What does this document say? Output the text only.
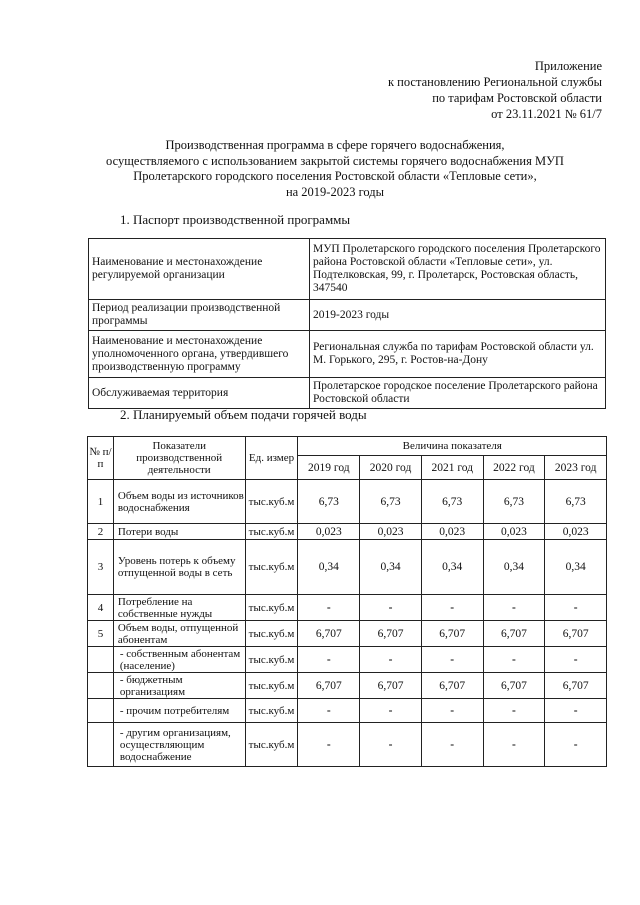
Приложение
к постановлению Региональной службы
по тарифам Ростовской области
от 23.11.2021 № 61/7
Производственная программа в сфере горячего водоснабжения,
осуществляемого с использованием закрытой системы горячего водоснабжения МУП
Пролетарского городского поселения Ростовской области «Тепловые сети»,
на 2019-2023 годы
1. Паспорт производственной программы
Наименование и местонахождение регулируемой организации	МУП Пролетарского городского поселения Пролетарского района Ростовской области «Тепловые сети», ул. Подтелковская, 99, г. Пролетарск, Ростовская область, 347540
Период реализации производственной программы	2019-2023 годы
Наименование и местонахождение уполномоченного органа, утвердившего производственную программу	Региональная служба по тарифам Ростовской области ул. М. Горького, 295, г. Ростов-на-Дону
Обслуживаемая территория	Пролетарское городское поселение Пролетарского района Ростовской области
2. Планируемый объем подачи горячей воды
№ п/п	Показатели производственной деятельности	Ед. измер	Величина показателя				
			2019 год	2020 год	2021 год	2022 год	2023 год
1	Объем воды из источников водоснабжения	тыс.куб.м	6,73	6,73	6,73	6,73	6,73
2	Потери воды	тыс.куб.м	0,023	0,023	0,023	0,023	0,023
3	Уровень потерь к объему отпущенной воды в сеть	тыс.куб.м	0,34	0,34	0,34	0,34	0,34
4	Потребление на собственные нужды	тыс.куб.м	-	-	-	-	-
5	Объем воды, отпущенной абонентам	тыс.куб.м	6,707	6,707	6,707	6,707	6,707
	- собственным абонентам (население)	тыс.куб.м	-	-	-	-	-
	- бюджетным организациям	тыс.куб.м	6,707	6,707	6,707	6,707	6,707
	- прочим потребителям	тыс.куб.м	-	-	-	-	-
	- другим организациям, осуществляющим водоснабжение	тыс.куб.м	-	-	-	-	-
